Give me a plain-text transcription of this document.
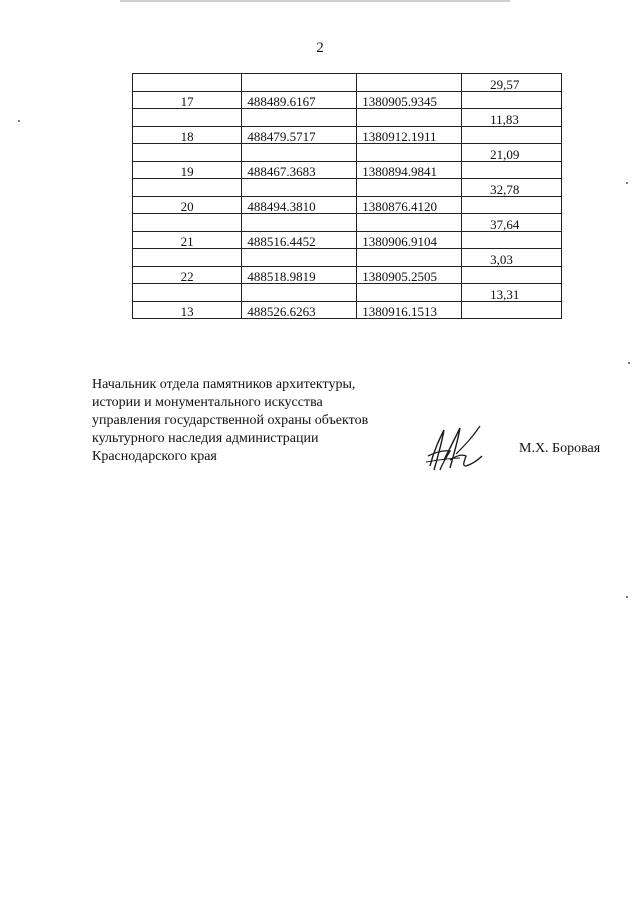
2
			29,57
17	488489.6167	1380905.9345	
			11,83
18	488479.5717	1380912.1911	
			21,09
19	488467.3683	1380894.9841	
			32,78
20	488494.3810	1380876.4120	
			37,64
21	488516.4452	1380906.9104	
			3,03
22	488518.9819	1380905.2505	
			13,31
13	488526.6263	1380916.1513	
Начальник отдела памятников архитектуры,
истории и монументального искусства
управления государственной охраны объектов
культурного наследия администрации
Краснодарского края
М.Х. Боровая
